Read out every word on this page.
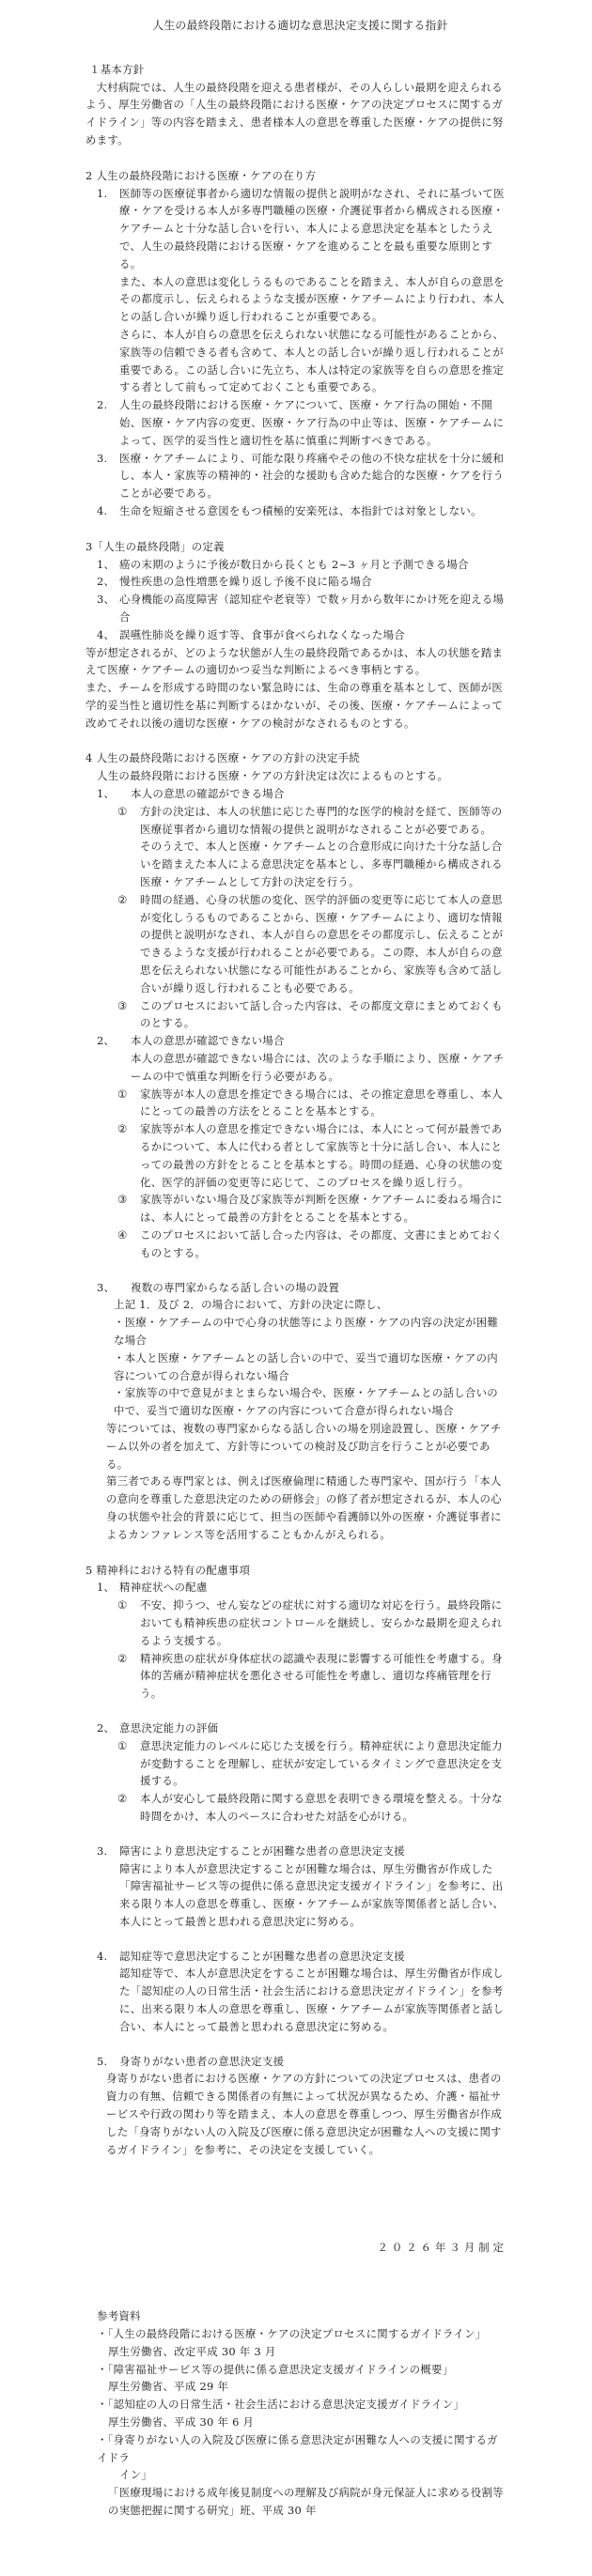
人生の最終段階における適切な意思決定支援に関する指針
１基本方針
大村病院では、人生の最終段階を迎える患者様が、その人らしい最期を迎えられるよう、厚生労働省の「人生の最終段階における医療・ケアの決定プロセスに関するガイドライン」等の内容を踏まえ、患者様本人の意思を尊重した医療・ケアの提供に努めます。
2 人生の最終段階における医療・ケアの在り方
1.	医師等の医療従事者から適切な情報の提供と説明がなされ、それに基づいて医療・ケアを受ける本人が多専門職種の医療・介護従事者から構成される医療・ケアチームと十分な話し合いを行い、本人による意思決定を基本としたうえで、人生の最終段階における医療・ケアを進めることを最も重要な原則とする。
また、本人の意思は変化しうるものであることを踏まえ、本人が自らの意思をその都度示し、伝えられるような支援が医療・ケアチームにより行われ、本人との話し合いが繰り返し行われることが重要である。
さらに、本人が自らの意思を伝えられない状態になる可能性があることから、家族等の信頼できる者も含めて、本人との話し合いが繰り返し行われることが重要である。この話し合いに先立ち、本人は特定の家族等を自らの意思を推定する者として前もって定めておくことも重要である。
2.	人生の最終段階における医療・ケアについて、医療・ケア行為の開始・不開始、医療・ケア内容の変更、医療・ケア行為の中止等は、医療・ケアチームによって、医学的妥当性と適切性を基に慎重に判断すべきである。
3.	医療・ケアチームにより、可能な限り疼痛やその他の不快な症状を十分に緩和し、本人・家族等の精神的・社会的な援助も含めた総合的な医療・ケアを行うことが必要である。
4.	生命を短縮させる意図をもつ積極的安楽死は、本指針では対象としない。
3「人生の最終段階」の定義
1、 癌の末期のように予後が数日から長くとも 2~3 ヶ月と予測できる場合
2、 慢性疾患の急性増悪を繰り返し予後不良に陥る場合
3、 心身機能の高度障害（認知症や老衰等）で数ヶ月から数年にかけ死を迎える場合
4、 誤嚥性肺炎を繰り返す等、食事が食べられなくなった場合
等が想定されるが、どのような状態が人生の最終段階であるかは、本人の状態を踏まえて医療・ケアチームの適切かつ妥当な判断によるべき事柄とする。
また、チームを形成する時間のない緊急時には、生命の尊重を基本として、医師が医学的妥当性と適切性を基に判断するほかないが、その後、医療・ケアチームによって改めてそれ以後の適切な医療・ケアの検討がなされるものとする。
4 人生の最終段階における医療・ケアの方針の決定手続
人生の最終段階における医療・ケアの方針決定は次によるものとする。
1、	本人の意思の確認ができる場合
①	方針の決定は、本人の状態に応じた専門的な医学的検討を経て、医師等の医療従事者から適切な情報の提供と説明がなされることが必要である。
そのうえで、本人と医療・ケアチームとの合意形成に向けた十分な話し合いを踏まえた本人による意思決定を基本とし、多専門職種から構成される医療・ケアチームとして方針の決定を行う。
②	時間の経過、心身の状態の変化、医学的評価の変更等に応じて本人の意思が変化しうるものであることから、医療・ケアチームにより、適切な情報の提供と説明がなされ、本人が自らの意思をその都度示し、伝えることができるような支援が行われることが必要である。この際、本人が自らの意思を伝えられない状態になる可能性があることから、家族等も含めて話し合いが繰り返し行われることも必要である。
③	このプロセスにおいて話し合った内容は、その都度文章にまとめておくものとする。
2、	本人の意思が確認できない場合
本人の意思が確認できない場合には、次のような手順により、医療・ケアチームの中で慎重な判断を行う必要がある。
①	家族等が本人の意思を推定できる場合には、その推定意思を尊重し、本人にとっての最善の方法をとることを基本とする。
②	家族等が本人の意思を推定できない場合には、本人にとって何が最善であるかについて、本人に代わる者として家族等と十分に話し合い、本人にとっての最善の方針をとることを基本とする。時間の経過、心身の状態の変化、医学的評価の変更等に応じて、このプロセスを繰り返し行う。
③	家族等がいない場合及び家族等が判断を医療・ケアチームに委ねる場合には、本人にとって最善の方針をとることを基本とする。
④	このプロセスにおいて話し合った内容は、その都度、文書にまとめておくものとする。
3、	複数の専門家からなる話し合いの場の設置
上記 1．及び 2．の場合において、方針の決定に際し、
・医療・ケアチームの中で心身の状態等により医療・ケアの内容の決定が困難な場合
・本人と医療・ケアチームとの話し合いの中で、妥当で適切な医療・ケアの内容についての合意が得られない場合
・家族等の中で意見がまとまらない場合や、医療・ケアチームとの話し合いの中で、妥当で適切な医療・ケアの内容について合意が得られない場合
等については、複数の専門家からなる話し合いの場を別途設置し、医療・ケアチーム以外の者を加えて、方針等についての検討及び助言を行うことが必要である。
第三者である専門家とは、例えば医療倫理に精通した専門家や、国が行う「本人の意向を尊重した意思決定のための研修会」の修了者が想定されるが、本人の心身の状態や社会的背景に応じて、担当の医師や看護師以外の医療・介護従事者によるカンファレンス等を活用することもかんがえられる。
5 精神科における特有の配慮事項
1、 精神症状への配慮
①	不安、抑うつ、せん妄などの症状に対する適切な対応を行う。最終段階においても精神疾患の症状コントロールを継続し、安らかな最期を迎えられるよう支援する。
②	精神疾患の症状が身体症状の認識や表現に影響する可能性を考慮する。身体的苦痛が精神症状を悪化させる可能性を考慮し、適切な疼痛管理を行う。
2、 意思決定能力の評価
①	意思決定能力のレベルに応じた支援を行う。精神症状により意思決定能力が変動することを理解し、症状が安定しているタイミングで意思決定を支援する。
②	本人が安心して最終段階に関する意思を表明できる環境を整える。十分な時間をかけ、本人のペースに合わせた対話を心がける。
3.	障害により意思決定することが困難な患者の意思決定支援
障害により本人が意思決定することが困難な場合は、厚生労働省が作成した「障害福祉サービス等の提供に係る意思決定支援ガイドライン」を参考に、出来る限り本人の意思を尊重し、医療・ケアチームが家族等関係者と話し合い、本人にとって最善と思われる意思決定に努める。
4.	認知症等で意思決定することが困難な患者の意思決定支援
認知症等で、本人が意思決定をすることが困難な場合は、厚生労働省が作成した「認知症の人の日常生活・社会生活における意思決定ガイドライン」を参考に、出来る限り本人の意思を尊重し、医療・ケアチームが家族等関係者と話し合い、本人にとって最善と思われる意思決定に努める。
5.	身寄りがない患者の意思決定支援
身寄りがない患者における医療・ケアの方針についての決定プロセスは、患者の資力の有無、信頼できる関係者の有無によって状況が異なるため、介護・福祉サービスや行政の関わり等を踏まえ、本人の意思を尊重しつつ、厚生労働省が作成した「身寄りがない人の入院及び医療に係る意思決定が困難な人への支援に関するガイドライン」を参考に、その決定を支援していく。
２０２６年３月制定
参考資料
・「人生の最終段階における医療・ケアの決定プロセスに関するガイドライン」
厚生労働省、改定平成 30 年 3 月
・「障害福祉サービス等の提供に係る意思決定支援ガイドラインの概要」
厚生労働省、平成 29 年
・「認知症の人の日常生活・社会生活における意思決定支援ガイドライン」
厚生労働省、平成 30 年 6 月
・「身寄りがない人の入院及び医療に係る意思決定が困難な人への支援に関するガイドラ
イン」
「医療現場における成年後見制度への理解及び病院が身元保証人に求める役割等の実態把握に関する研究」班、平成 30 年
